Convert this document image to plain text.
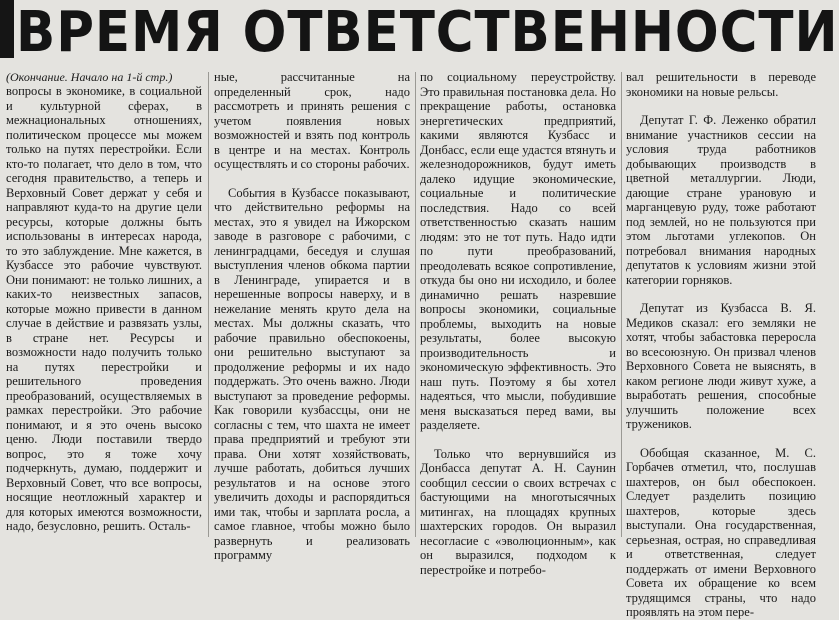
ВРЕМЯ ОТВЕТСТВЕННОСТИ

(Окончание. Начало на 1-й стр.)

вопросы в экономике, в социальной и культурной сферах, в межнациональных отношениях, политическом процессе мы можем только на путях перестройки. Если кто-то полагает, что дело в том, что сегодня правительство, а теперь и Верховный Совет держат у себя и направляют куда-то на другие цели ресурсы, которые должны быть использованы в интересах народа, то это заблуждение. Мне кажется, в Кузбассе это рабочие чувствуют. Они понимают: не только лишних, а каких-то неизвестных запасов, которые можно привести в данном случае в действие и развязать узлы, в стране нет. Ресурсы и возможности надо получить только на путях перестройки и решительного проведения преобразований, осуществляемых в рамках перестройки. Это рабочие понимают, и я это очень высоко ценю. Люди поставили твердо вопрос, это я тоже хочу подчеркнуть, думаю, поддержит и Верховный Совет, что все вопросы, носящие неотложный характер и для которых имеются возможности, надо, безусловно, решить. Осталь-

ные, рассчитанные на определенный срок, надо рассмотреть и принять решения с учетом появления новых возможностей и взять под контроль в центре и на местах. Контроль осуществлять и со стороны рабочих.

События в Кузбассе показывают, что действительно реформы на местах, это я увидел на Ижорском заводе в разговоре с рабочими, с ленинградцами, беседуя и слушая выступления членов обкома партии в Ленинграде, упирается и в нерешенные вопросы наверху, и в нежелание менять круто дела на местах. Мы должны сказать, что рабочие правильно обеспокоены, они решительно выступают за продолжение реформы и их надо поддержать. Это очень важно. Люди выступают за проведение реформы. Как говорили кузбассцы, они не согласны с тем, что шахта не имеет права предприятий и требуют эти права. Они хотят хозяйствовать, лучше работать, добиться лучших результатов и на основе этого увеличить доходы и распорядиться ими так, чтобы и зарплата росла, а самое главное, чтобы можно было развернуть и реализовать программу

по социальному переустройству. Это правильная постановка дела. Но прекращение работы, остановка энергетических предприятий, какими являются Кузбасс и Донбасс, если еще удастся втянуть и железнодорожников, будут иметь далеко идущие экономические, социальные и политические последствия. Надо со всей ответственностью сказать нашим людям: это не тот путь. Надо идти по пути преобразований, преодолевать всякое сопротивление, откуда бы оно ни исходило, и более динамично решать назревшие вопросы экономики, социальные проблемы, выходить на новые результаты, более высокую производительность и экономическую эффективность. Это наш путь. Поэтому я бы хотел надеяться, что мысли, побудившие меня высказаться перед вами, вы разделяете.

Только что вернувшийся из Донбасса депутат А. Н. Саунин сообщил сессии о своих встречах с бастующими на многотысячных митингах, на площадях крупных шахтерских городов. Он выразил несогласие с «эволюционным», как он выразился, подходом к перестройке и потребо-

вал решительности в переводе экономики на новые рельсы.

Депутат Г. Ф. Леженко обратил внимание участников сессии на условия труда работников добывающих производств в цветной металлургии. Люди, дающие стране урановую и марганцевую руду, тоже работают под землей, но не пользуются при этом льготами углекопов. Он потребовал внимания народных депутатов к условиям жизни этой категории горняков.

Депутат из Кузбасса В. Я. Медиков сказал: его земляки не хотят, чтобы забастовка переросла во всесоюзную. Он призвал членов Верховного Совета не выяснять, в каком регионе люди живут хуже, а выработать решения, способные улучшить положение всех тружеников.

Обобщая сказанное, М. С. Горбачев отметил, что, послушав шахтеров, он был обеспокоен. Следует разделить позицию шахтеров, которые здесь выступали. Она государственная, серьезная, острая, но справедливая и ответственная, следует поддержать от имени Верховного Совета их обращение ко всем трудящимся страны, что надо проявлять на этом пере-
